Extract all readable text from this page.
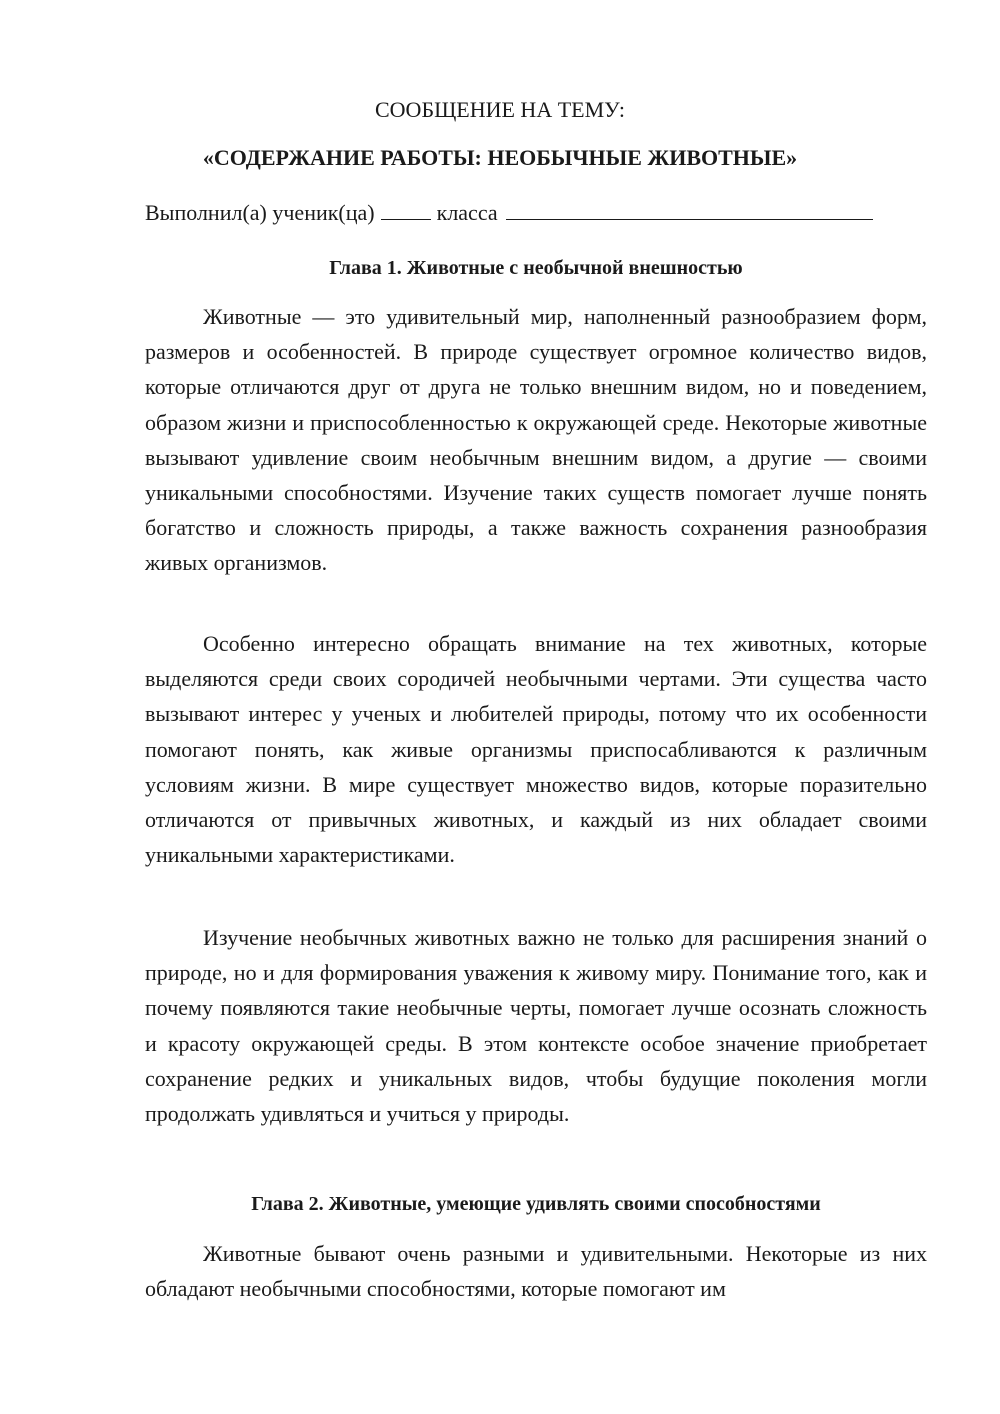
СООБЩЕНИЕ НА ТЕМУ:
«СОДЕРЖАНИЕ РАБОТЫ: НЕОБЫЧНЫЕ ЖИВОТНЫЕ»
Выполнил(а) ученик(ца)	класса
Глава 1. Животные с необычной внешностью

Животные — это удивительный мир, наполненный разнообразием форм, размеров и особенностей. В природе существует огромное количество видов, которые отличаются друг от друга не только внешним видом, но и поведением, образом жизни и приспособленностью к окружающей среде. Некоторые животные вызывают удивление своим необычным внешним видом, а другие — своими уникальными способностями. Изучение таких существ помогает лучше понять богатство и сложность природы, а также важность сохранения разнообразия живых организмов.

Особенно интересно обращать внимание на тех животных, которые выделяются среди своих сородичей необычными чертами. Эти существа часто вызывают интерес у ученых и любителей природы, потому что их особенности помогают понять, как живые организмы приспосабливаются к различным условиям жизни. В мире существует множество видов, которые поразительно отличаются от привычных животных, и каждый из них обладает своими уникальными характеристиками.

Изучение необычных животных важно не только для расширения знаний о природе, но и для формирования уважения к живому миру. Понимание того, как и почему появляются такие необычные черты, помогает лучше осознать сложность и красоту окружающей среды. В этом контексте особое значение приобретает сохранение редких и уникальных видов, чтобы будущие поколения могли продолжать удивляться и учиться у природы.

Глава 2. Животные, умеющие удивлять своими способностями

Животные бывают очень разными и удивительными. Некоторые из них обладают необычными способностями, которые помогают им
